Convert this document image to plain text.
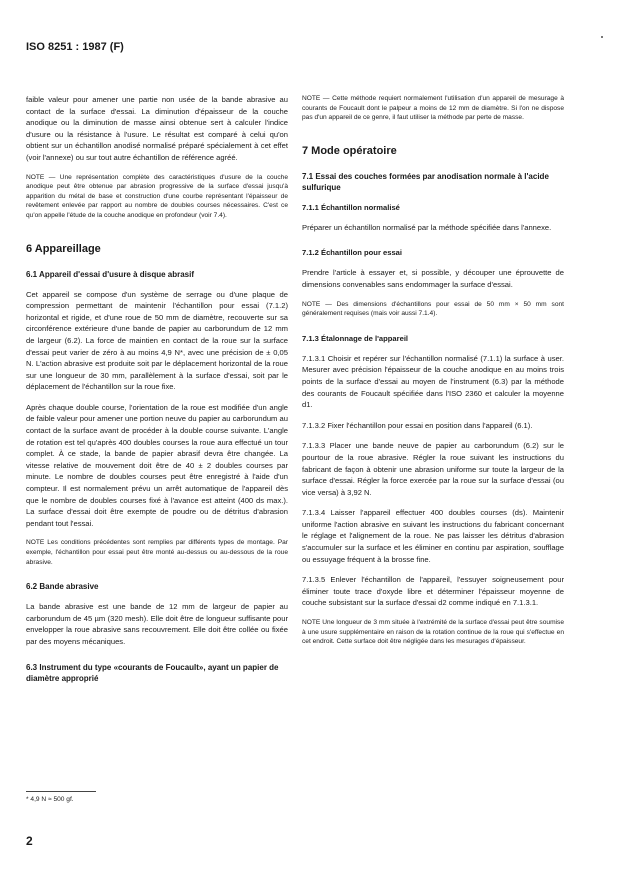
ISO 8251 : 1987 (F)

faible valeur pour amener une partie non usée de la bande abrasive au contact de la surface d'essai. La diminution d'épaisseur de la couche anodique ou la diminution de masse ainsi obtenue sert à calculer l'indice d'usure ou la résistance à l'usure. Le résultat est comparé à celui qu'on obtient sur un échantillon anodisé normalisé préparé spécialement à cet effet (voir l'annexe) ou sur tout autre échantillon de référence agréé.

NOTE — Une représentation complète des caractéristiques d'usure de la couche anodique peut être obtenue par abrasion progressive de la surface d'essai jusqu'à apparition du métal de base et construction d'une courbe représentant l'épaisseur de revêtement enlevée par rapport au nombre de doubles courses nécessaires. C'est ce qu'on appelle l'étude de la couche anodique en profondeur (voir 7.4).

6 Appareillage
6.1 Appareil d'essai d'usure à disque abrasif

Cet appareil se compose d'un système de serrage ou d'une plaque de compression permettant de maintenir l'échantillon pour essai (7.1.2) horizontal et rigide, et d'une roue de 50 mm de diamètre, recouverte sur sa circonférence extérieure d'une bande de papier au carborundum de 12 mm de largeur (6.2). La force de maintien en contact de la roue sur la surface d'essai peut varier de zéro à au moins 4,9 N*, avec une précision de ± 0,05 N. L'action abrasive est produite soit par le déplacement horizontal de la roue sur une longueur de 30 mm, parallèlement à la surface d'essai, soit par le déplacement de l'échantillon sur la roue fixe.

Après chaque double course, l'orientation de la roue est modifiée d'un angle de faible valeur pour amener une portion neuve du papier au carborundum au contact de la surface avant de procéder à la double course suivante. L'angle de rotation est tel qu'après 400 doubles courses la roue aura effectué un tour complet. À ce stade, la bande de papier abrasif devra être changée. La vitesse relative de mouvement doit être de 40 ± 2 doubles courses par minute. Le nombre de doubles courses peut être enregistré à l'aide d'un compteur. Il est normalement prévu un arrêt automatique de l'appareil dès que le nombre de doubles courses fixé à l'avance est atteint (400 ds max.). La surface d'essai doit être exempte de poudre ou de détritus d'abrasion pendant tout l'essai.

NOTE Les conditions précédentes sont remplies par différents types de montage. Par exemple, l'échantillon pour essai peut être monté au-dessus ou au-dessous de la roue abrasive.

6.2 Bande abrasive

La bande abrasive est une bande de 12 mm de largeur de papier au carborundum de 45 µm (320 mesh). Elle doit être de longueur suffisante pour envelopper la roue abrasive sans recouvrement. Elle doit être collée ou fixée par des moyens mécaniques.

6.3 Instrument du type «courants de Foucault», ayant un papier de diamètre approprié

NOTE — Cette méthode requiert normalement l'utilisation d'un appareil de mesurage à courants de Foucault dont le palpeur a moins de 12 mm de diamètre. Si l'on ne dispose pas d'un appareil de ce genre, il faut utiliser la méthode par perte de masse.

7 Mode opératoire
7.1 Essai des couches formées par anodisation normale à l'acide sulfurique
7.1.1 Échantillon normalisé

Préparer un échantillon normalisé par la méthode spécifiée dans l'annexe.

7.1.2 Échantillon pour essai

Prendre l'article à essayer et, si possible, y découper une éprouvette de dimensions convenables sans endommager la surface d'essai.

NOTE — Des dimensions d'échantillons pour essai de 50 mm × 50 mm sont généralement requises (mais voir aussi 7.1.4).

7.1.3 Étalonnage de l'appareil

7.1.3.1 Choisir et repérer sur l'échantillon normalisé (7.1.1) la surface à user. Mesurer avec précision l'épaisseur de la couche anodique en au moins trois points de la surface d'essai au moyen de l'instrument (6.3) par la méthode des courants de Foucault spécifiée dans l'ISO 2360 et calculer la moyenne d1.

7.1.3.2 Fixer l'échantillon pour essai en position dans l'appareil (6.1).

7.1.3.3 Placer une bande neuve de papier au carborundum (6.2) sur le pourtour de la roue abrasive. Régler la roue suivant les instructions du fabricant de façon à obtenir une abrasion uniforme sur toute la largeur de la surface d'essai. Régler la force exercée par la roue sur la surface d'essai (ou vice versa) à 3,92 N.

7.1.3.4 Laisser l'appareil effectuer 400 doubles courses (ds). Maintenir uniforme l'action abrasive en suivant les instructions du fabricant concernant le réglage et l'alignement de la roue. Ne pas laisser les détritus d'abrasion s'accumuler sur la surface et les éliminer en continu par aspiration, soufflage ou essuyage fréquent à la brosse fine.

7.1.3.5 Enlever l'échantillon de l'appareil, l'essuyer soigneusement pour éliminer toute trace d'oxyde libre et déterminer l'épaisseur moyenne de couche subsistant sur la surface d'essai d2 comme indiqué en 7.1.3.1.

NOTE Une longueur de 3 mm située à l'extrémité de la surface d'essai peut être soumise à une usure supplémentaire en raison de la rotation continue de la roue qui s'effectue en cet endroit. Cette surface doit être négligée dans les mesurages d'épaisseur.

* 4,9 N ≈ 500 gf.
2
